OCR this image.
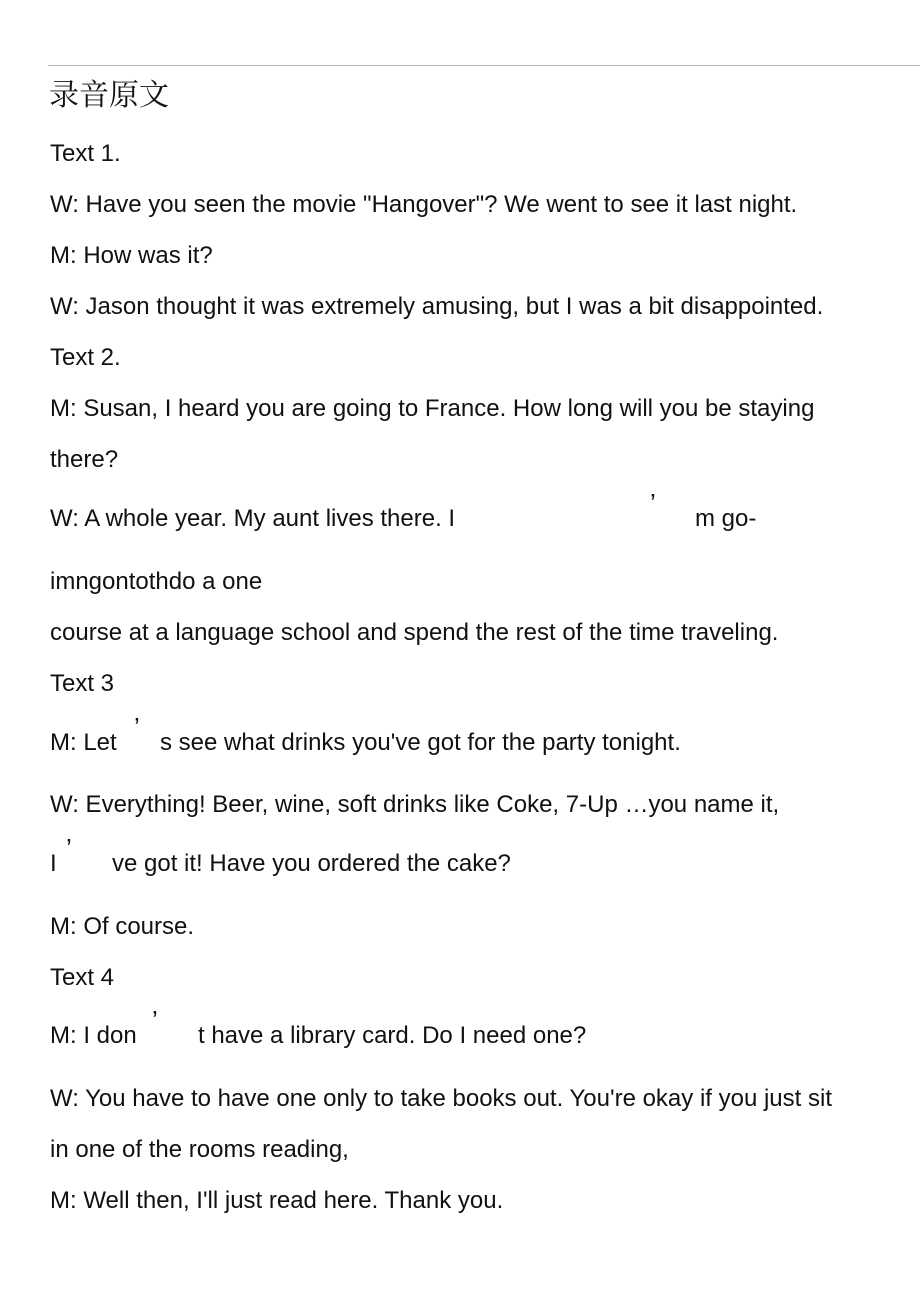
录音原文

Text 1.

W: Have you seen the movie "Hangover"? We went to see it last night.

M: How was it?

W: Jason thought it was extremely amusing, but I was a bit disappointed.

Text 2.

M: Susan, I heard you are going to France. How long will you be staying

there?

W: A whole year. My aunt lives there. I
’
m go-

imngontothdo a one

course at a language school and spend the rest of the time traveling.

Text 3

M: Let
’
s see what drinks you've got for the party tonight.

W: Everything! Beer, wine, soft drinks like Coke, 7-Up …you name it,

I
’
ve got it! Have you ordered the cake?

M: Of course.

Text 4

M: I don
’
t have a library card. Do I need one?

W: You have to have one only to take books out. You're okay if you just sit

in one of the rooms reading,

M: Well then, I'll just read here. Thank you.
